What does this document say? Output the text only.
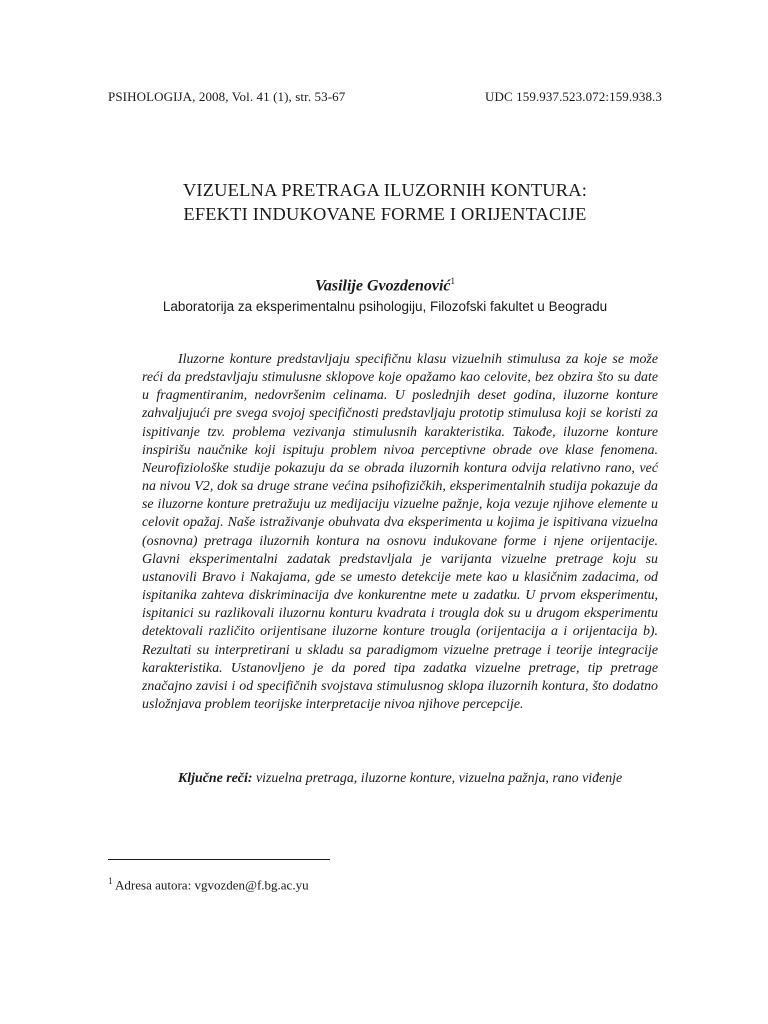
PSIHOLOGIJA, 2008, Vol. 41 (1), str. 53-67	UDC 159.937.523.072:159.938.3
VIZUELNA PRETRAGA ILUZORNIH KONTURA:
EFEKTI INDUKOVANE FORME I ORIJENTACIJE
Vasilije Gvozdenović$^1$
Laboratorija za eksperimentalnu psihologiju, Filozofski fakultet u Beogradu

Iluzorne konture predstavljaju specifičnu klasu vizuelnih stimulusa za koje se može reći da predstavljaju stimulusne sklopove koje opažamo kao celovite, bez obzira što su date u fragmentiranim, nedovršenim celinama. U poslednjih deset godina, iluzorne konture zahvaljujući pre svega svojoj specifičnosti predstavljaju prototip stimulusa koji se koristi za ispitivanje tzv. problema vezivanja stimulusnih karakteristika. Takođe, iluzorne konture inspirišu naučnike koji ispituju problem nivoa perceptivne obrade ove klase fenomena. Neurofiziološke studije pokazuju da se obrada iluzornih kontura odvija relativno rano, već na nivou V2, dok sa druge strane većina psihofizičkih, eksperimentalnih studija pokazuje da se iluzorne konture pretražuju uz medijaciju vizuelne pažnje, koja vezuje njihove elemente u celovit opažaj. Naše istraživanje obuhvata dva eksperimenta u kojima je ispitivana vizuelna (osnovna) pretraga iluzornih kontura na osnovu indukovane forme i njene orijentacije. Glavni eksperimentalni zadatak predstavljala je varijanta vizuelne pretrage koju su ustanovili Bravo i Nakajama, gde se umesto detekcije mete kao u klasičnim zadacima, od ispitanika zahteva diskriminacija dve konkurentne mete u zadatku. U prvom eksperimentu, ispitanici su razlikovali iluzornu konturu kvadrata i trougla dok su u drugom eksperimentu detektovali različito orijentisane iluzorne konture trougla (orijentacija a i orijentacija b). Rezultati su interpretirani u skladu sa paradigmom vizuelne pretrage i teorije integracije karakteristika. Ustanovljeno je da pored tipa zadatka vizuelne pretrage, tip pretrage značajno zavisi i od specifičnih svojstava stimulusnog sklopa iluzornih kontura, što dodatno usložnjava problem teorijske interpretacije nivoa njihove percepcije.

Ključne reči: vizuelna pretraga, iluzorne konture, vizuelna pažnja, rano viđenje

$^1$ Adresa autora: vgvozden@f.bg.ac.yu
